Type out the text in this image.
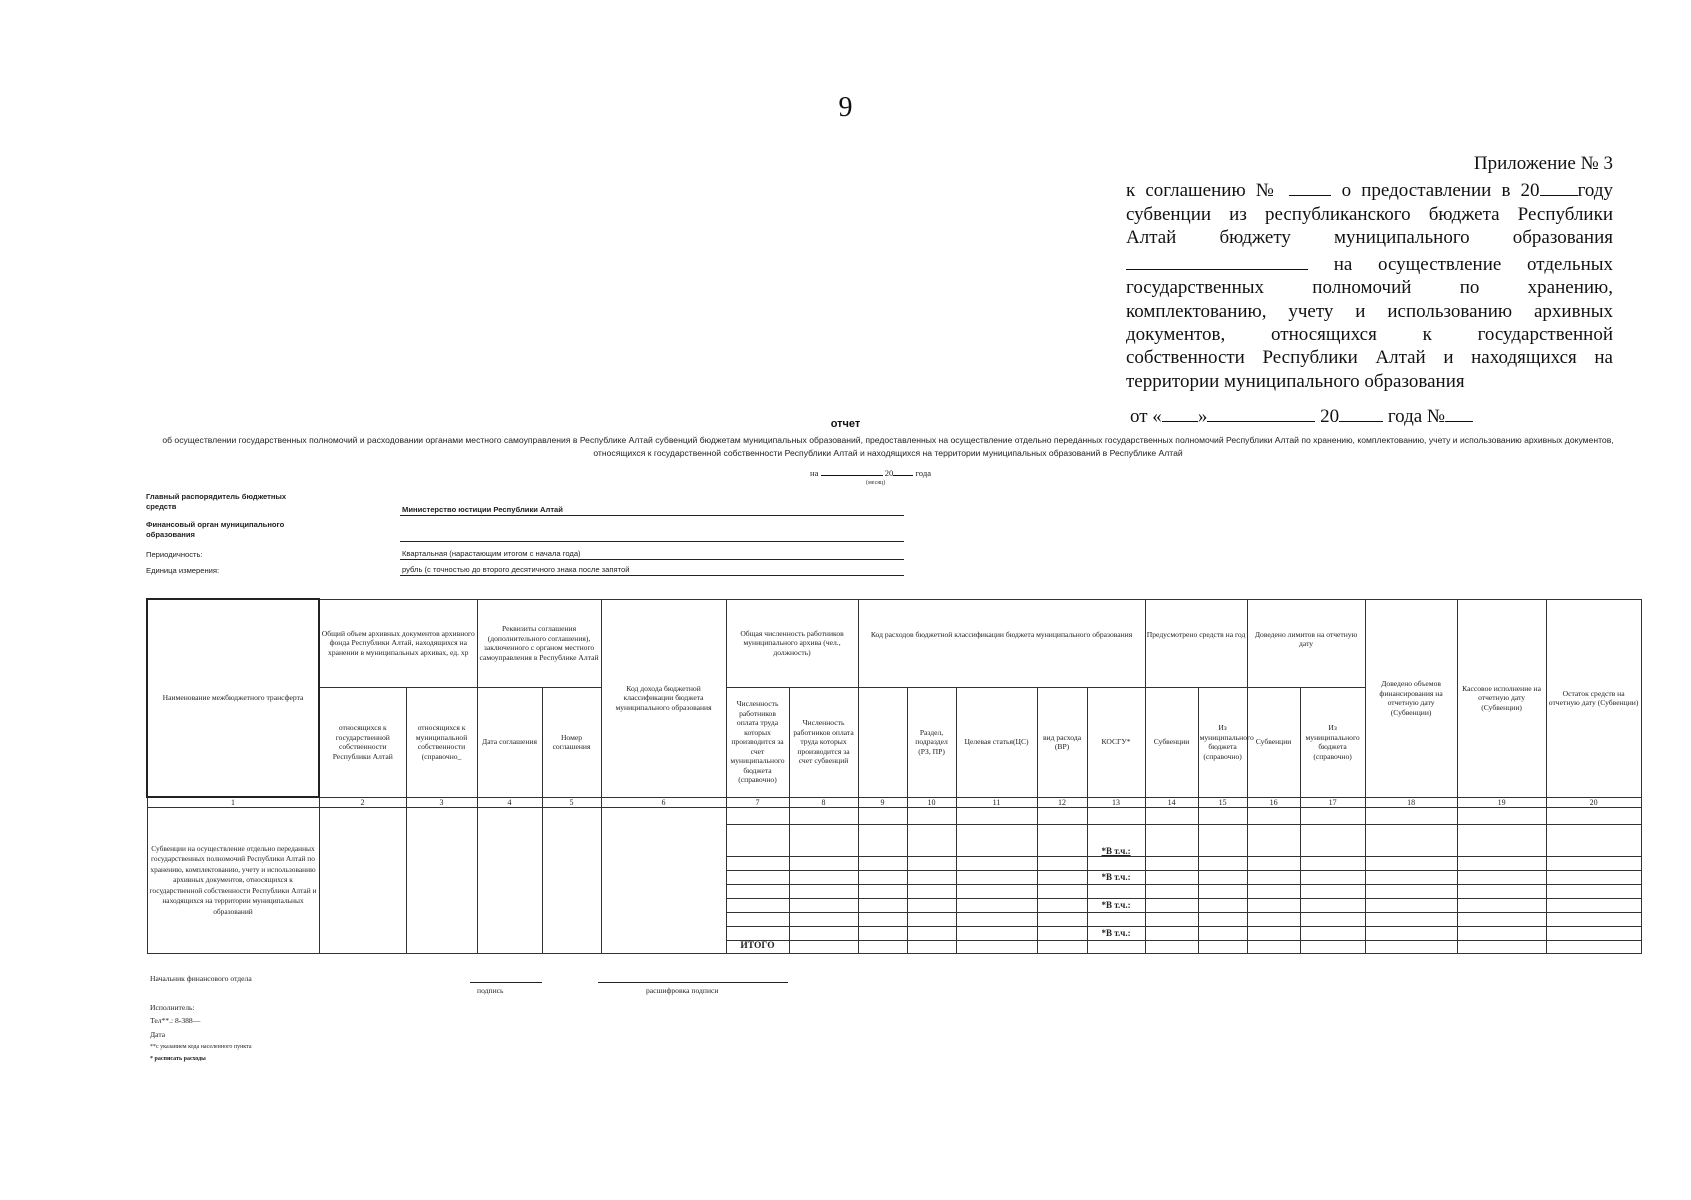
9
Приложение № 3
к соглашению №	о предоставлении в 20 году
субвенции из республиканского бюджета Республики
Алтай бюджету муниципального образования
на осуществление отдельных
государственных полномочий по хранению,
комплектованию, учету и использованию архивных
документов, относящихся к государственной
собственности Республики Алтай и находящихся на
территории муниципального образования
от « »	20	года №
отчет
об осуществлении государственных полномочий и расходовании органами местного самоуправления в Республике Алтай субвенций бюджетам муниципальных образований, предоставленных на осуществление отдельно переданных государственных полномочий Республики Алтай по хранению, комплектованию, учету и использованию архивных документов, относящихся к государственной собственности Республики Алтай и находящихся на территории муниципальных образований в Республике Алтай
на	20	года
(месяц)
Главный распорядитель бюджетных средств	Министерство юстиции Республики Алтай
Финансовый орган муниципального образования
Периодичность:	Квартальная (нарастающим итогом с начала года)
Единица измерения:	рубль (с точностью до второго десятичного знака после запятой
Наименование межбюджетного трансферта	Общий объем архивных документов архивного фонда Республики Алтай, находящихся на хранении в муниципальных архивах, ед. хр		Реквизиты соглашения (дополнительного соглашения), заключенного с органом местного самоуправления в Республике Алтай		Код дохода бюджетной классификации бюджета муниципального образования	Общая численность работников муниципального архива (чел., должность)		Код расходов бюджетной классификации бюджета муниципального образования					Предусмотрено средств на год		Доведено лимитов на отчетную дату		Доведено объемов финансирования на отчетную дату (Субвенции)	Кассовое исполнение на отчетную дату (Субвенции)	Остаток средств на отчетную дату (Субвенции)	
	относящихся к государственной собственности Республики Алтай	относящихся к муниципальной собственности (справочно_	Дата соглашения	Номер соглашения		Численность работников оплата труда которых производится за счет муниципального бюджета (справочно)	Численность работников оплата труда которых производится за счет субвенций		Раздел, подраздел (РЗ, ПР)	Целевая статья(ЦС)	вид расхода (ВР)	КОСГУ*	Субвенции	Из муниципального бюджета (справочно)	Субвенции	Из муниципального бюджета (справочно)				
1	2	3	4	5	6	7	8	9	10	11	12	13	14	15	16	17	18	19	20	
Субвенции на осуществление отдельно переданных государственных полномочий Республики Алтай по хранению, комплектованию, учету и использованию архивных документов, относящихся к государственной собственности Республики Алтай и находящихся на территории муниципальных образований																				
												*В т.ч.:								

												*В т.ч.:								

												*В т.ч.:								

												*В т.ч.:								
						ИТОГО														
Начальник финансового отдела
подпись	расшифровка подписи
Исполнитель:
Тел**.: 8-388—
Дата
**с указанием кода населенного пункта
* расписать расходы
